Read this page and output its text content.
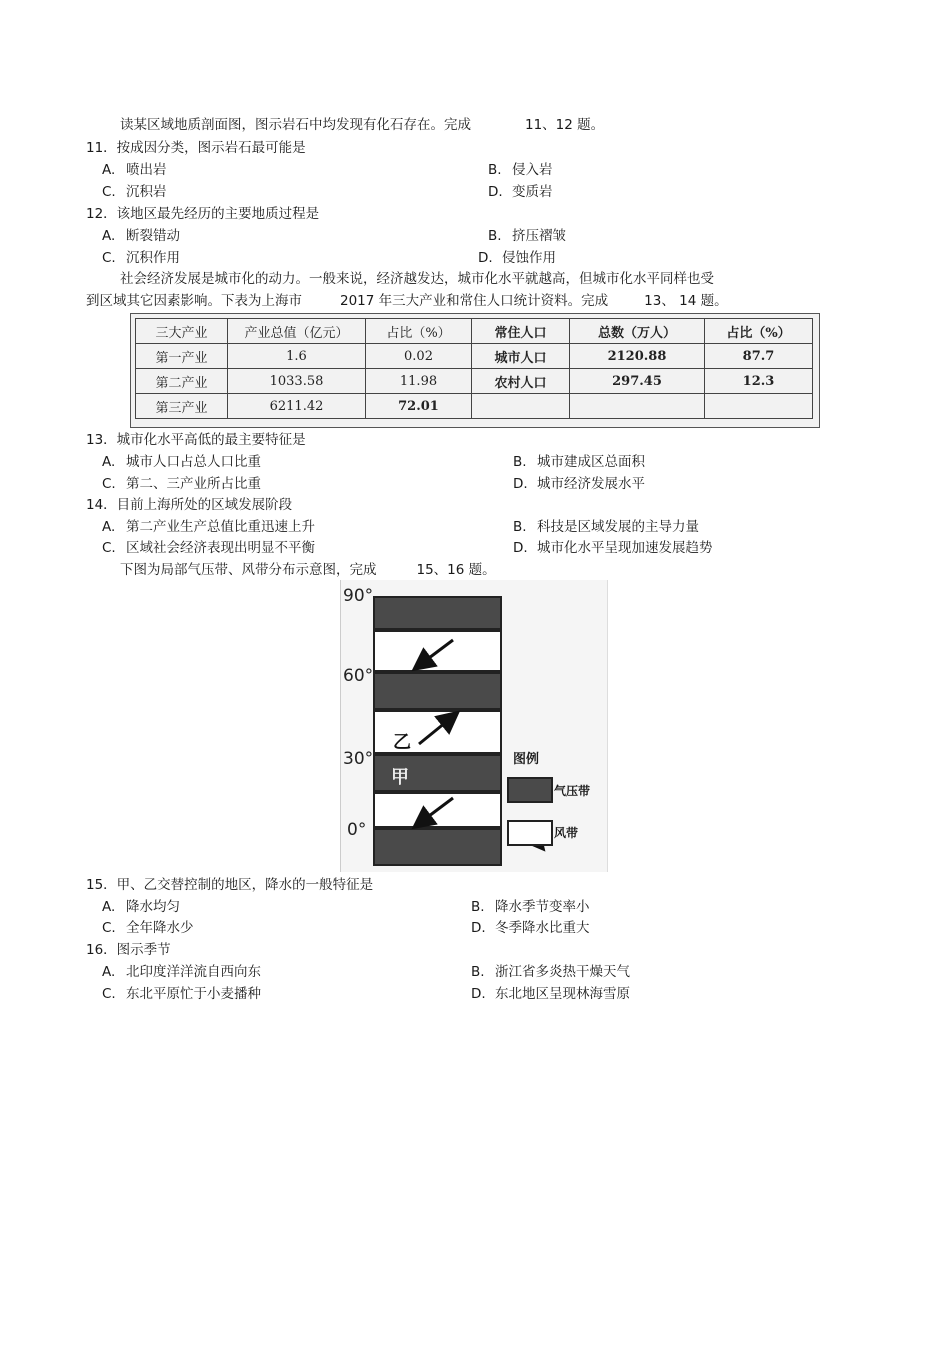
读某区域地质剖面图，图示岩石中均发现有化石存在。完成	11、12 题。
11．按成因分类，图示岩石最可能是
A. 喷出岩	B. 侵入岩
C. 沉积岩	D. 变质岩
12．该地区最先经历的主要地质过程是
A. 断裂错动	B. 挤压褶皱
C. 沉积作用	D. 侵蚀作用
社会经济发展是城市化的动力。一般来说，经济越发达，城市化水平就越高，但城市化水平同样也受
到区域其它因素影响。下表为上海市	2017 年三大产业和常住人口统计资料。完成	13、 14 题。
三大产业	产业总值（亿元）	占比（%）	常住人口	总数（万人）	占比（%）
第一产业	1.6	0.02	城市人口	2120.88	87.7
第二产业	1033.58	11.98	农村人口	297.45	12.3
第三产业	6211.42	72.01			
13．城市化水平高低的最主要特征是
A. 城市人口占总人口比重	B. 城市建成区总面积
C. 第二、三产业所占比重	D. 城市经济发展水平
14．目前上海所处的区域发展阶段
A. 第二产业生产总值比重迅速上升	B. 科技是区域发展的主导力量
C. 区域社会经济表现出明显不平衡	D. 城市化水平呈现加速发展趋势
下图为局部气压带、风带分布示意图，完成	15、16 题。
90°
60°
30°
0°
乙
甲
图例
气压带
风带
15．甲、乙交替控制的地区，降水的一般特征是
A. 降水均匀	B. 降水季节变率小
C. 全年降水少	D. 冬季降水比重大
16．图示季节
A. 北印度洋洋流自西向东	B. 浙江省多炎热干燥天气
C. 东北平原忙于小麦播种	D. 东北地区呈现林海雪原
